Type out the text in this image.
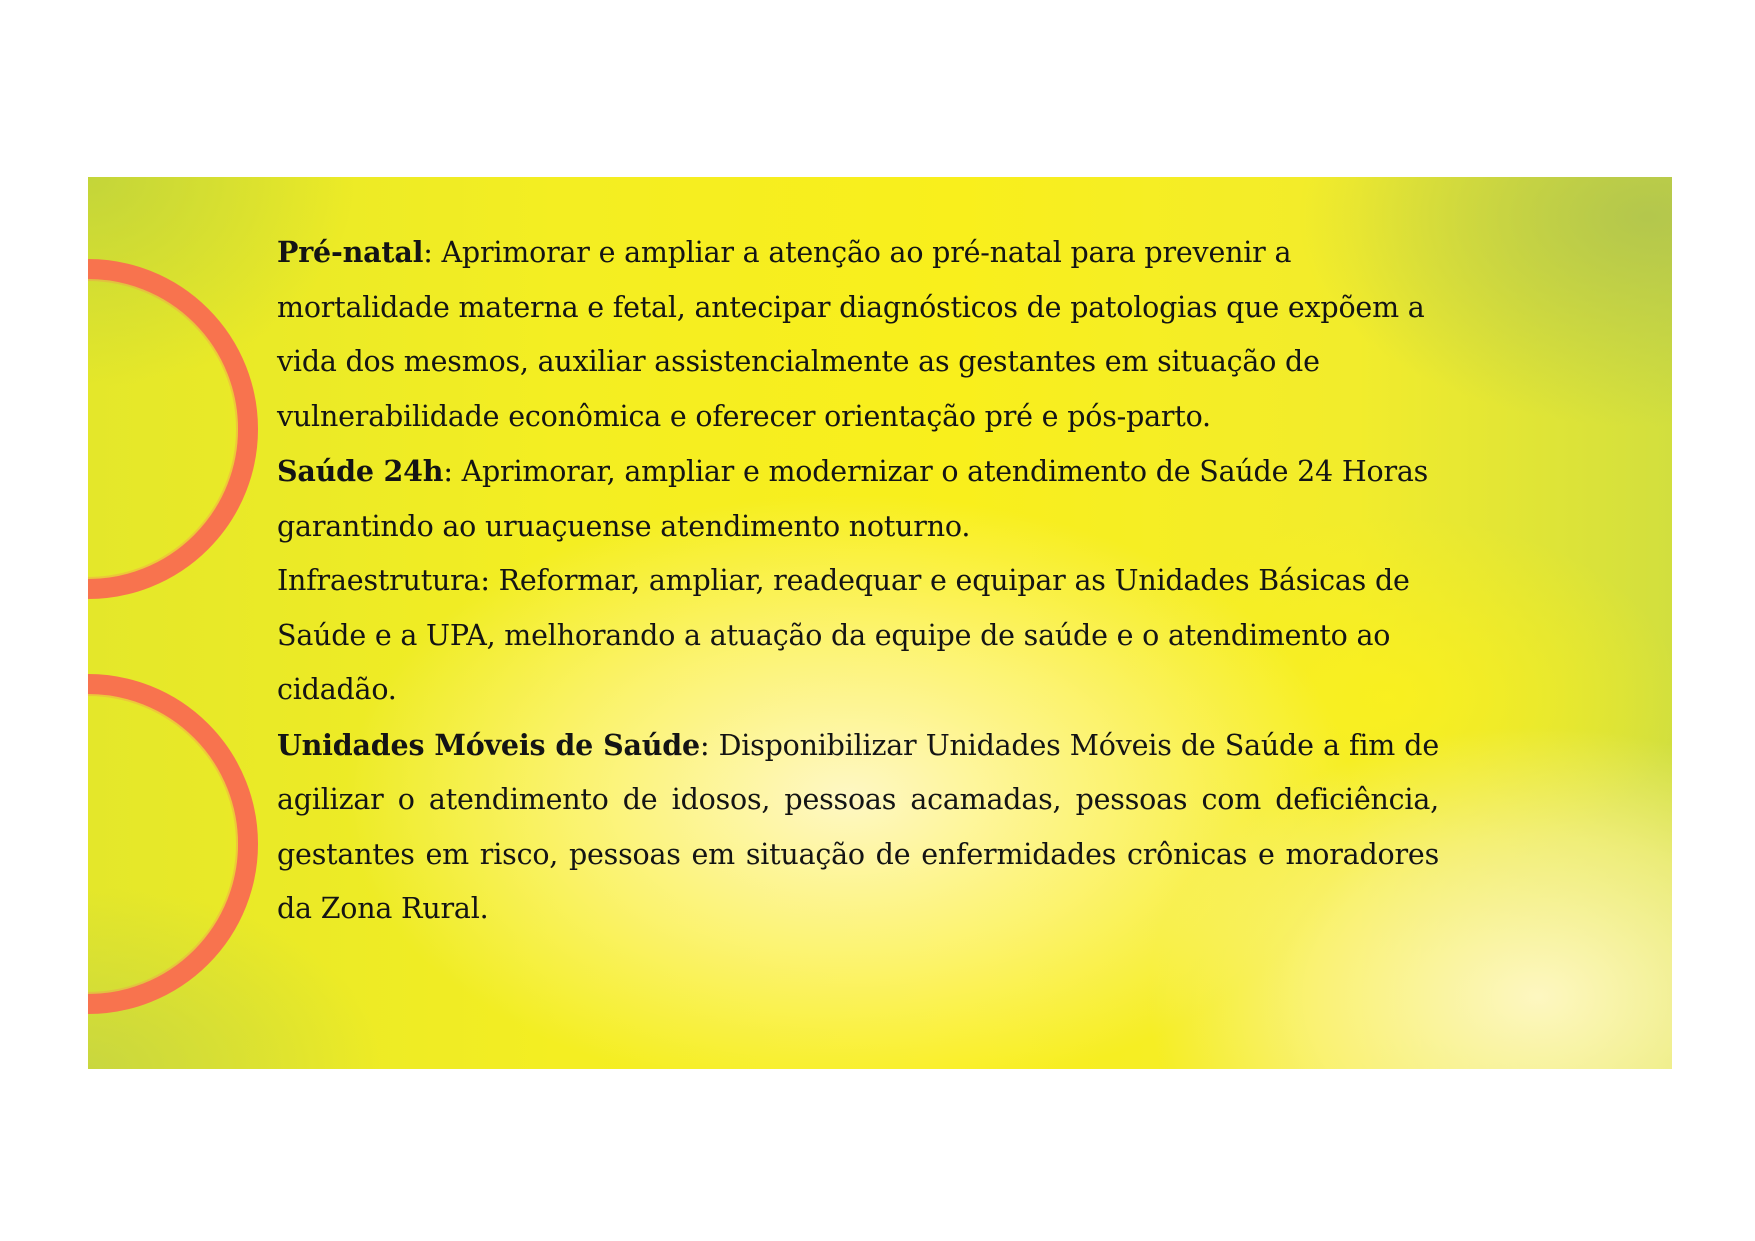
Pré-natal: Aprimorar e ampliar a atenção ao pré-natal para prevenir a mortalidade materna e fetal, antecipar diagnósticos de patologias que expõem a vida dos mesmos, auxiliar assistencialmente as gestantes em situação de vulnerabilidade econômica e oferecer orientação pré e pós-parto.

Saúde 24h: Aprimorar, ampliar e modernizar o atendimento de Saúde 24 Horas garantindo ao uruaçuense atendimento noturno.

Infraestrutura: Reformar, ampliar, readequar e equipar as Unidades Básicas de Saúde e a UPA, melhorando a atuação da equipe de saúde e o atendimento ao cidadão.

Unidades Móveis de Saúde: Disponibilizar Unidades Móveis de Saúde a fim de agilizar o atendimento de idosos, pessoas acamadas, pessoas com deficiência, gestantes em risco, pessoas em situação de enfermidades crônicas e moradores da Zona Rural.
